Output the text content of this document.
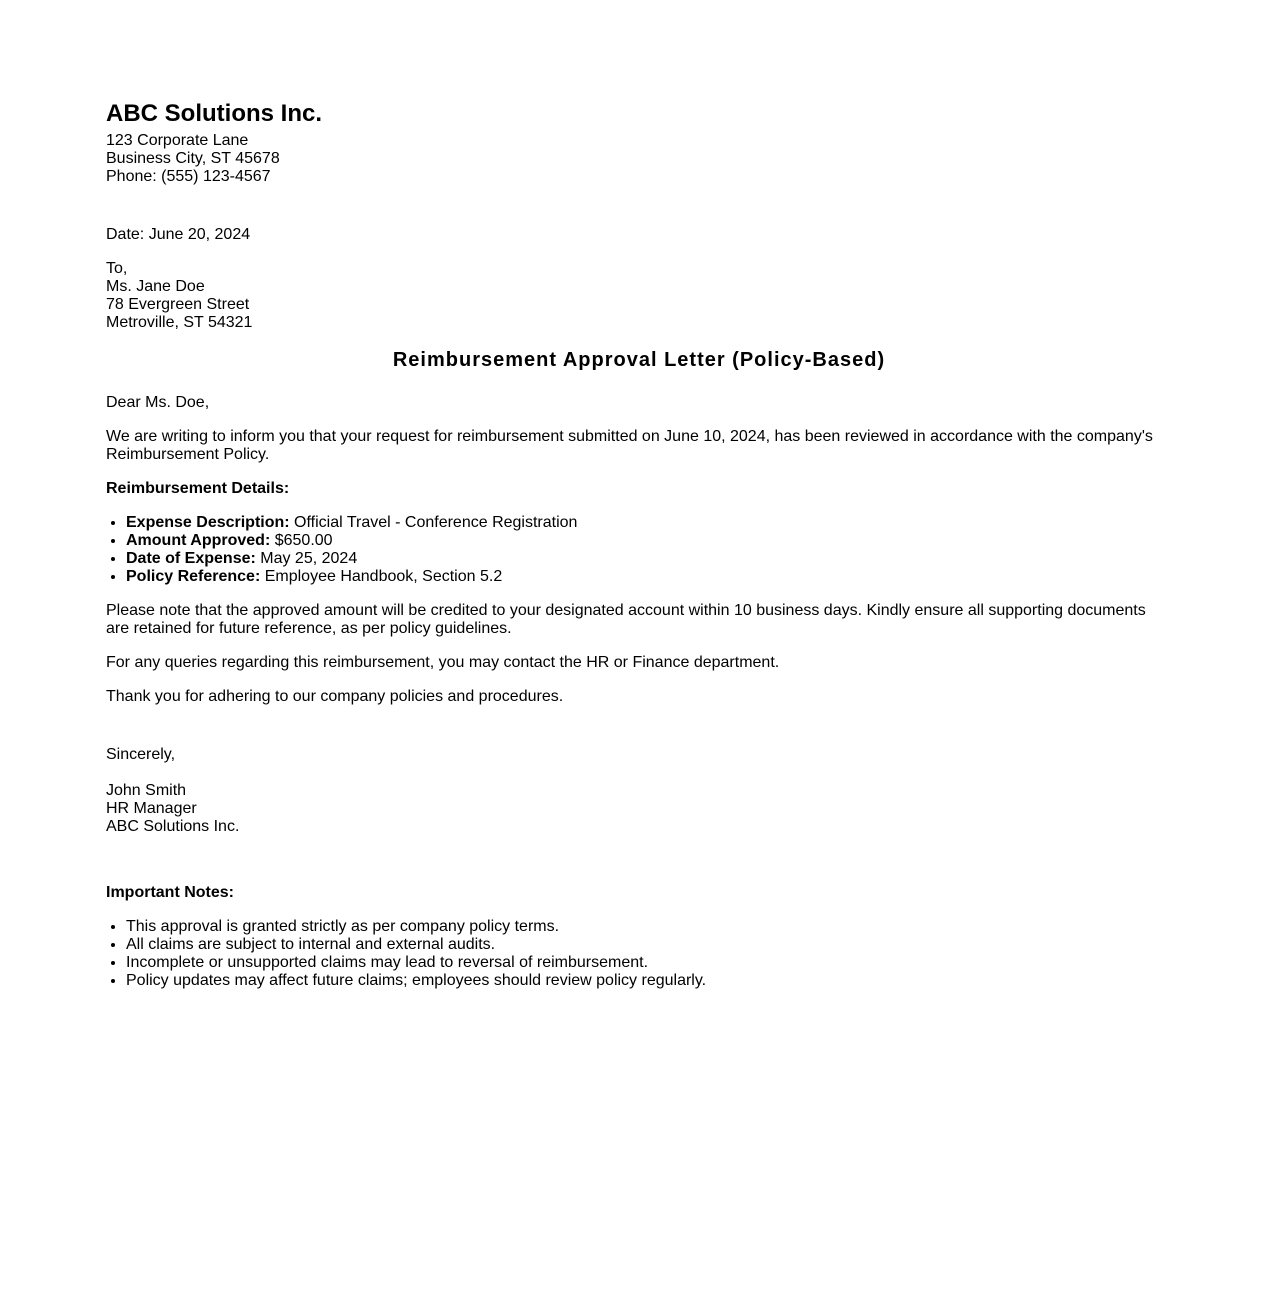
ABC Solutions Inc.
123 Corporate Lane
Business City, ST 45678
Phone: (555) 123-4567
Date: June 20, 2024
To,
Ms. Jane Doe
78 Evergreen Street
Metroville, ST 54321
Reimbursement Approval Letter (Policy-Based)

Dear Ms. Doe,

We are writing to inform you that your request for reimbursement submitted on June 10, 2024, has been reviewed in accordance with the company's Reimbursement Policy.

Reimbursement Details:

• Expense Description: Official Travel - Conference Registration
• Amount Approved: $650.00
• Date of Expense: May 25, 2024
• Policy Reference: Employee Handbook, Section 5.2

Please note that the approved amount will be credited to your designated account within 10 business days. Kindly ensure all supporting documents are retained for future reference, as per policy guidelines.

For any queries regarding this reimbursement, you may contact the HR or Finance department.

Thank you for adhering to our company policies and procedures.

Sincerely,

John Smith
HR Manager
ABC Solutions Inc.

Important Notes:

• This approval is granted strictly as per company policy terms.
• All claims are subject to internal and external audits.
• Incomplete or unsupported claims may lead to reversal of reimbursement.
• Policy updates may affect future claims; employees should review policy regularly.
